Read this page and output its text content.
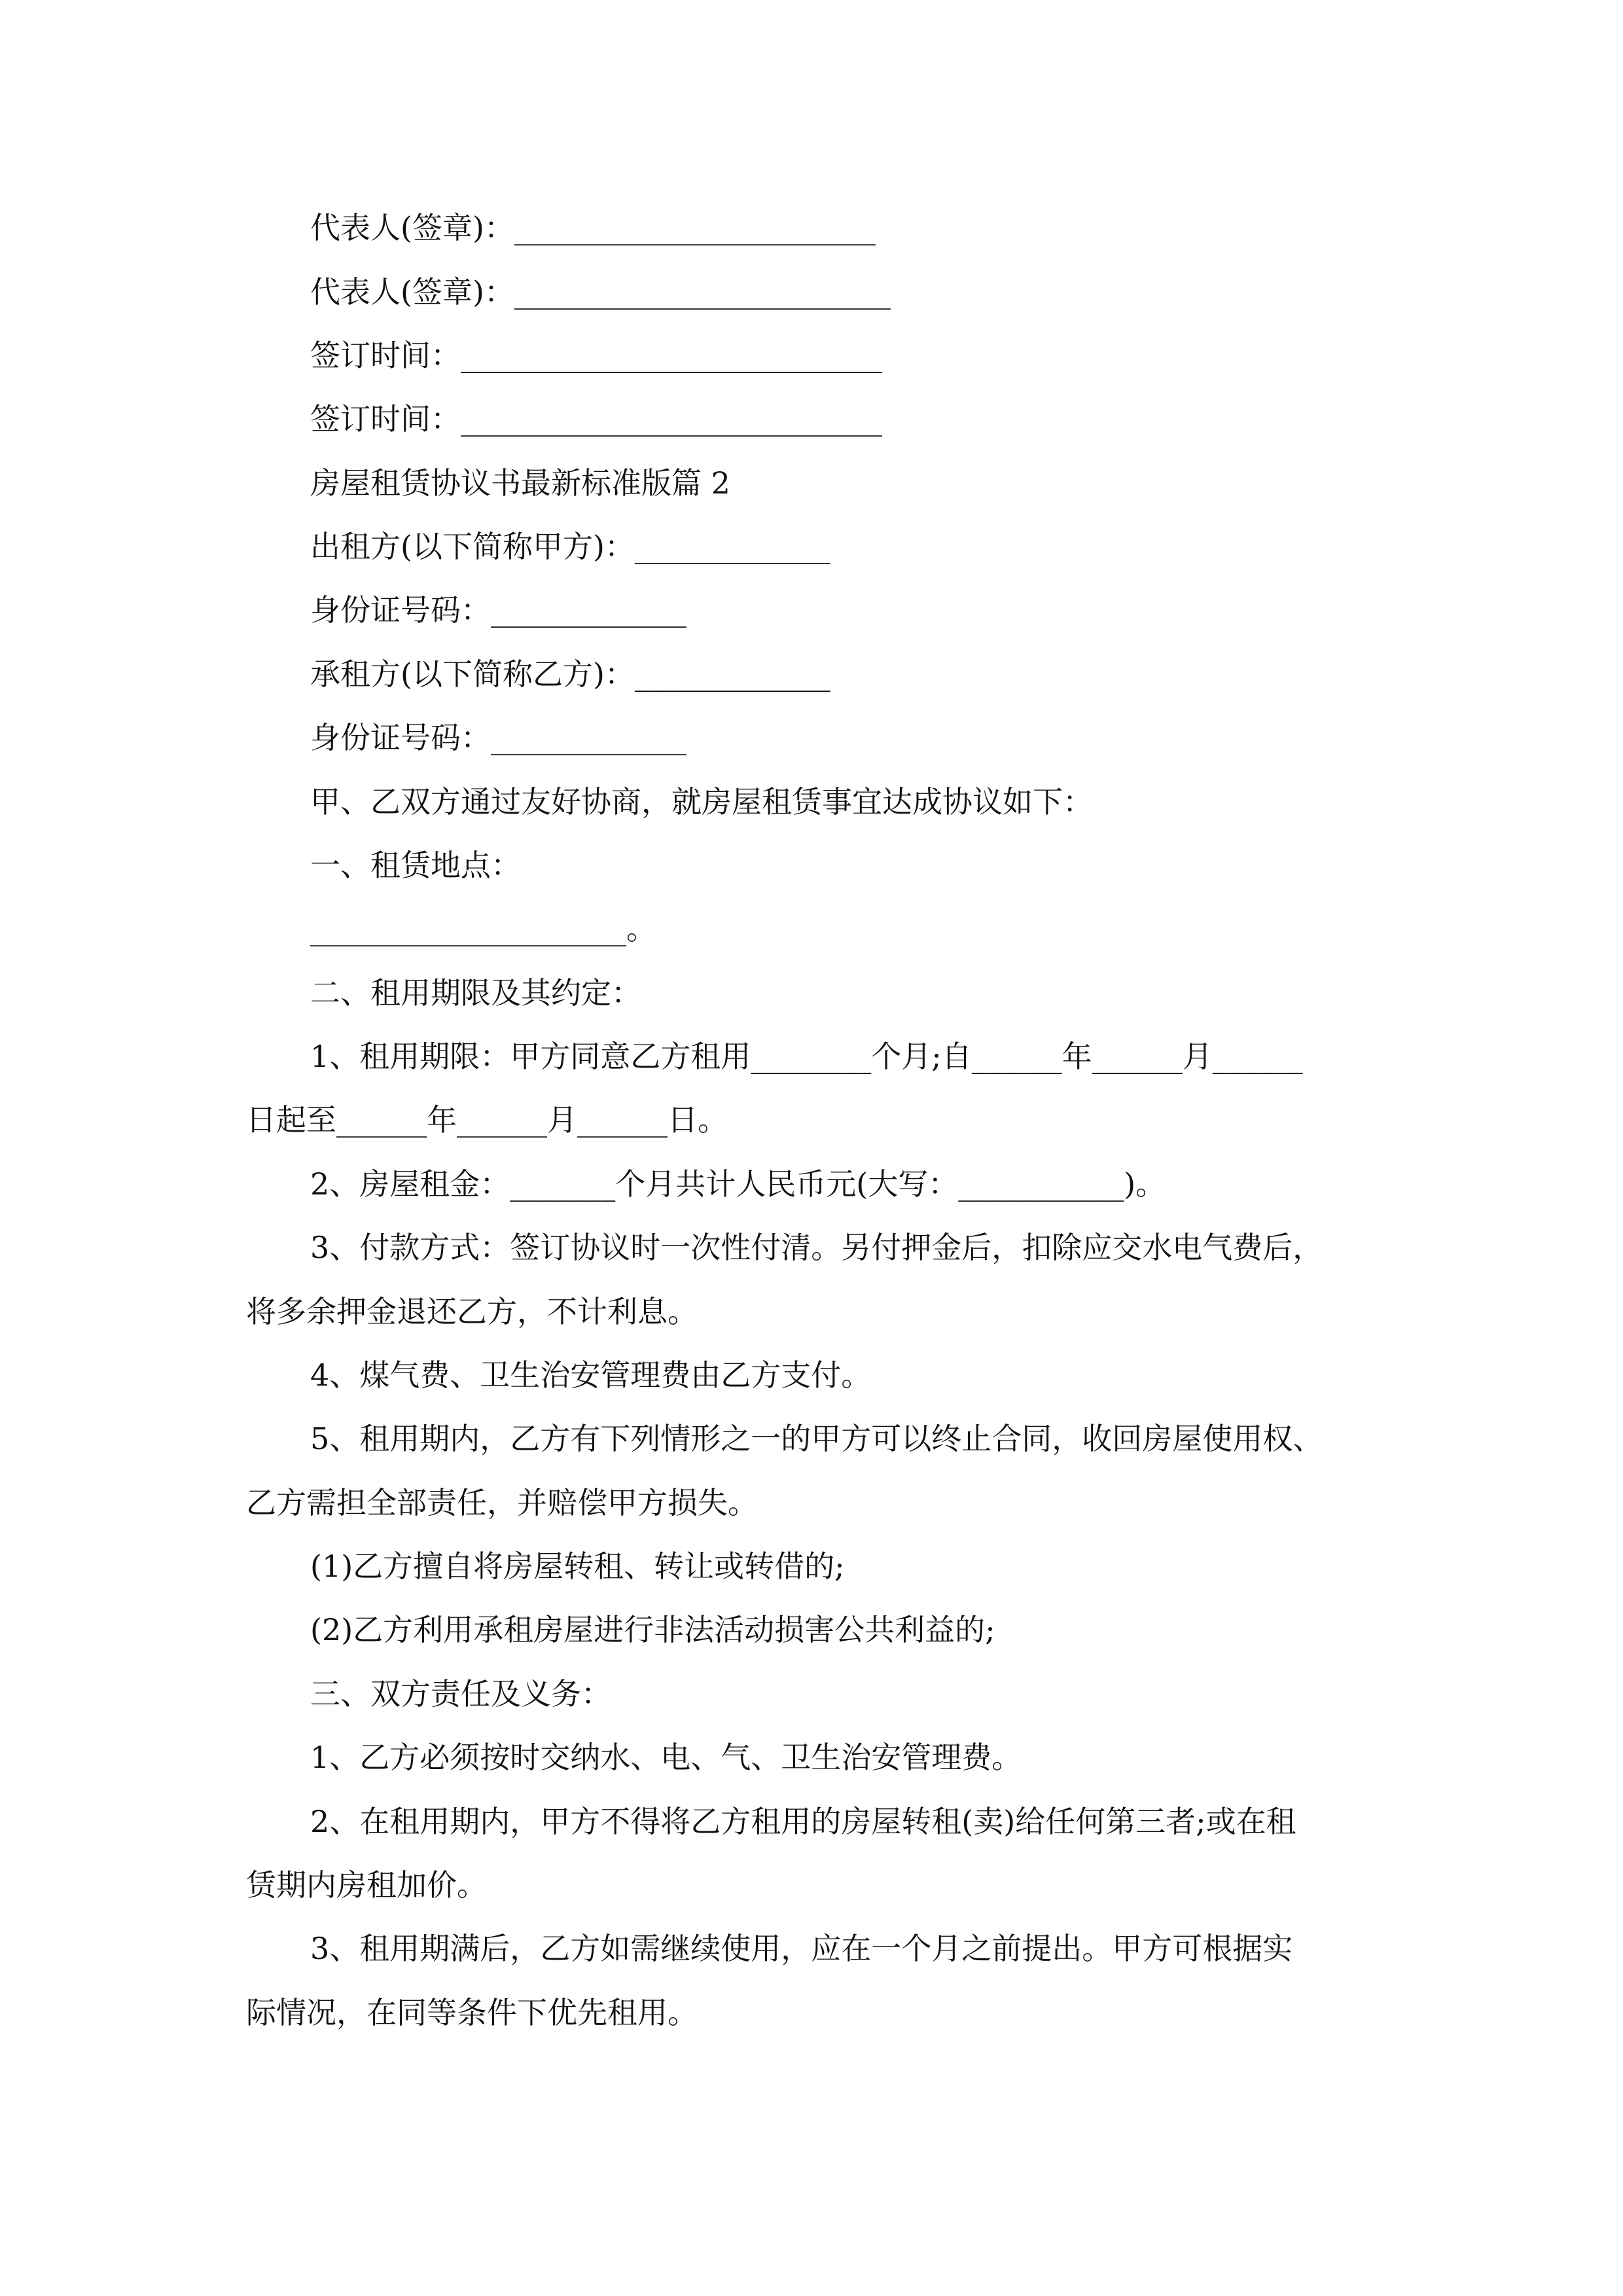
代表人(签章)：________________________
代表人(签章)：_________________________
签订时间：____________________________
签订时间：____________________________
房屋租赁协议书最新标准版篇 2
出租方(以下简称甲方)：_____________
身份证号码：_____________
承租方(以下简称乙方)：_____________
身份证号码：_____________
甲、乙双方通过友好协商，就房屋租赁事宜达成协议如下：
一、租赁地点：
_____________________。
二、租用期限及其约定：
1、租用期限：甲方同意乙方租用________个月;自______年______月______
日起至______年______月______日。
2、房屋租金：_______个月共计人民币元(大写：___________)。
3、付款方式：签订协议时一次性付清。另付押金后，扣除应交水电气费后，
将多余押金退还乙方，不计利息。
4、煤气费、卫生治安管理费由乙方支付。
5、租用期内，乙方有下列情形之一的甲方可以终止合同，收回房屋使用权、
乙方需担全部责任，并赔偿甲方损失。
(1)乙方擅自将房屋转租、转让或转借的;
(2)乙方利用承租房屋进行非法活动损害公共利益的;
三、双方责任及义务：
1、乙方必须按时交纳水、电、气、卫生治安管理费。
2、在租用期内，甲方不得将乙方租用的房屋转租(卖)给任何第三者;或在租
赁期内房租加价。
3、租用期满后，乙方如需继续使用，应在一个月之前提出。甲方可根据实
际情况，在同等条件下优先租用。
